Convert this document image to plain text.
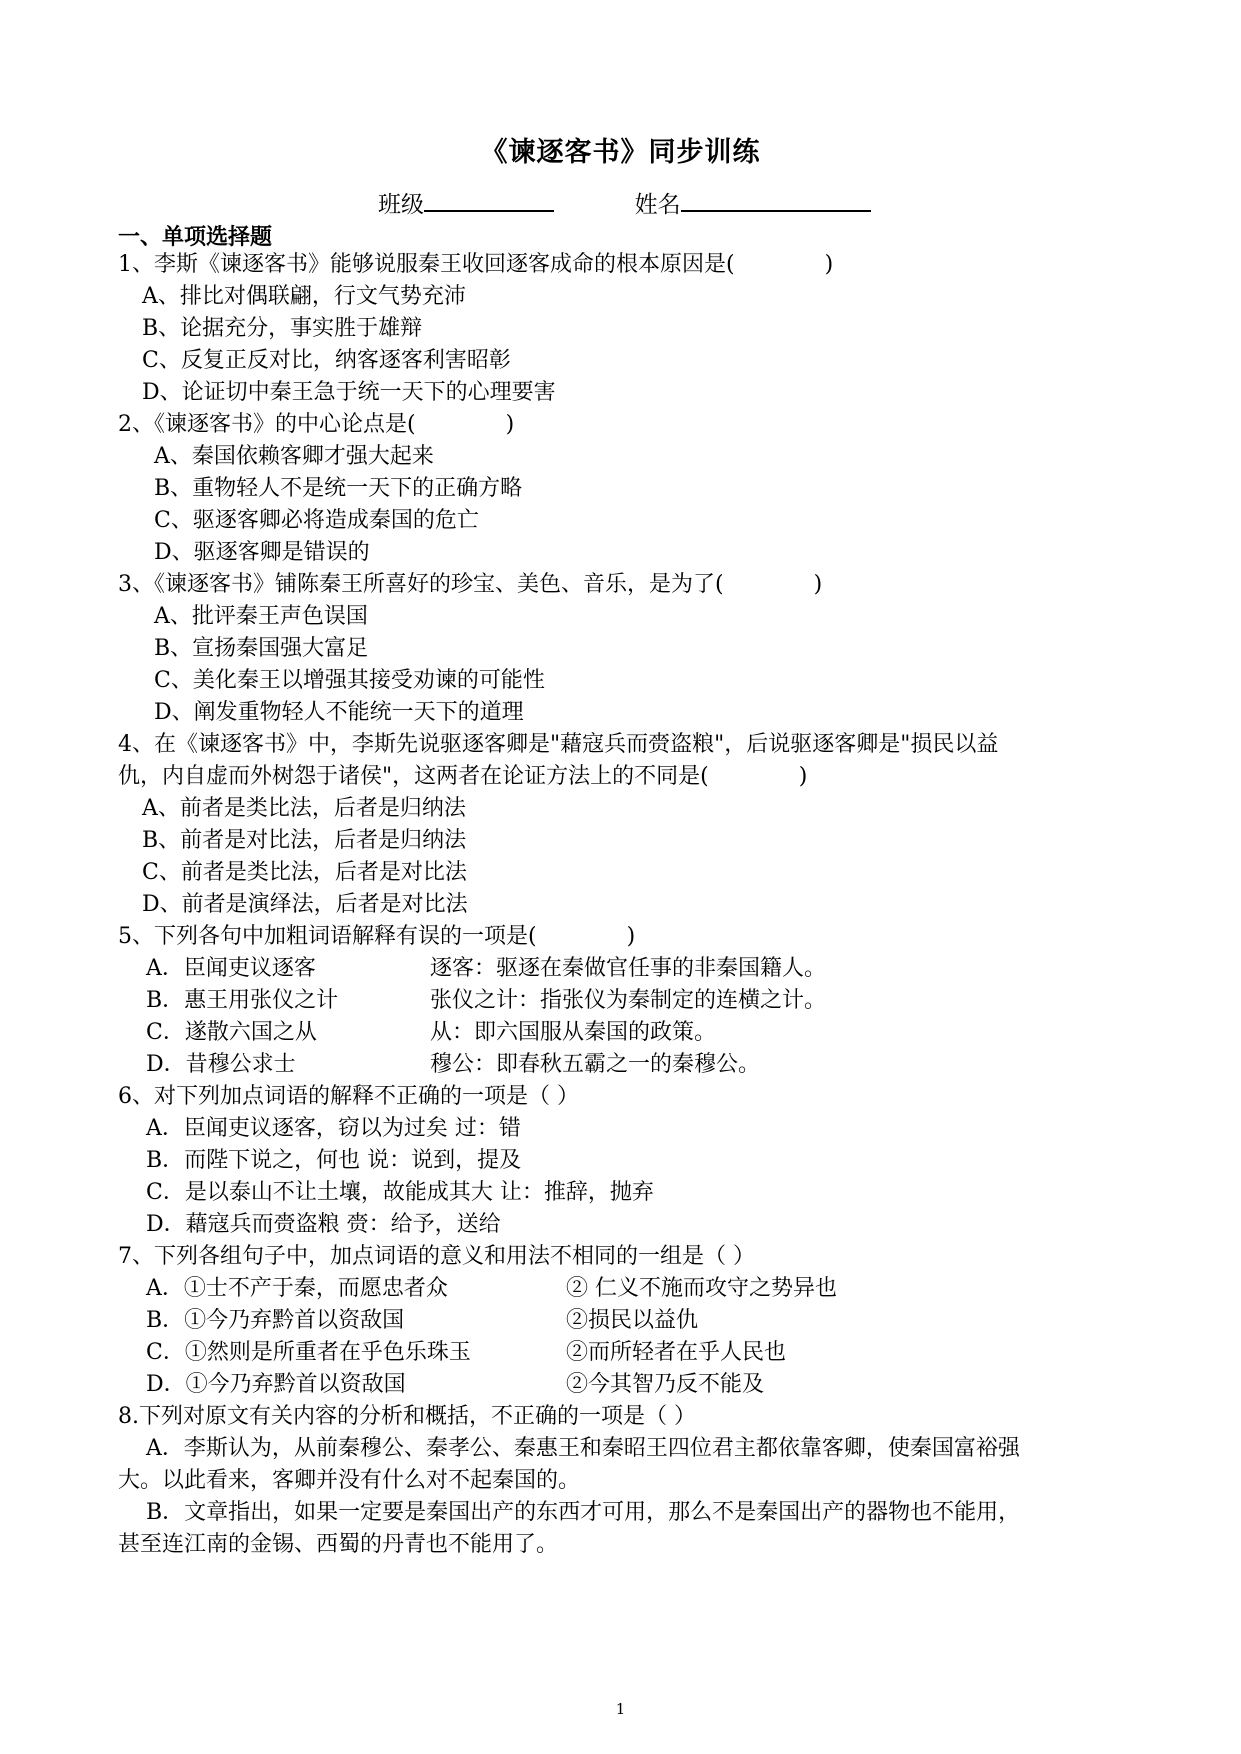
《谏逐客书》同步训练
班级	姓名
一、单项选择题
1、李斯《谏逐客书》能够说服秦王收回逐客成命的根本原因是(	)
A、排比对偶联翩，行文气势充沛
B、论据充分，事实胜于雄辩
C、反复正反对比，纳客逐客利害昭彰
D、论证切中秦王急于统一天下的心理要害
2、《谏逐客书》的中心论点是(	)
A、秦国依赖客卿才强大起来
B、重物轻人不是统一天下的正确方略
C、驱逐客卿必将造成秦国的危亡
D、驱逐客卿是错误的
3、《谏逐客书》铺陈秦王所喜好的珍宝、美色、音乐，是为了(	)
A、批评秦王声色误国
B、宣扬秦国强大富足
C、美化秦王以增强其接受劝谏的可能性
D、阐发重物轻人不能统一天下的道理
4、在《谏逐客书》中，李斯先说驱逐客卿是"藉寇兵而赍盗粮"，后说驱逐客卿是"损民以益
仇，内自虚而外树怨于诸侯"，这两者在论证方法上的不同是(	)
A、前者是类比法，后者是归纳法
B、前者是对比法，后者是归纳法
C、前者是类比法，后者是对比法
D、前者是演绎法，后者是对比法
5、下列各句中加粗词语解释有误的一项是(	)
A．臣闻吏议逐客	逐客：驱逐在秦做官任事的非秦国籍人。
B．惠王用张仪之计	张仪之计：指张仪为秦制定的连横之计。
C．遂散六国之从	从：即六国服从秦国的政策。
D．昔穆公求士	穆公：即春秋五霸之一的秦穆公。
6、对下列加点词语的解释不正确的一项是（ ）
A．臣闻吏议逐客，窃以为过矣 过：错
B．而陛下说之，何也 说：说到，提及
C．是以泰山不让土壤，故能成其大 让：推辞，抛弃
D．藉寇兵而赍盗粮 赍：给予，送给
7、下列各组句子中，加点词语的意义和用法不相同的一组是（ ）
A．①士不产于秦，而愿忠者众	② 仁义不施而攻守之势异也
B．①今乃弃黔首以资敌国	②损民以益仇
C．①然则是所重者在乎色乐珠玉	②而所轻者在乎人民也
D．①今乃弃黔首以资敌国	②今其智乃反不能及
8.下列对原文有关内容的分析和概括，不正确的一项是（ ）
A．李斯认为，从前秦穆公、秦孝公、秦惠王和秦昭王四位君主都依靠客卿，使秦国富裕强
大。以此看来，客卿并没有什么对不起秦国的。
B．文章指出，如果一定要是秦国出产的东西才可用，那么不是秦国出产的器物也不能用，
甚至连江南的金锡、西蜀的丹青也不能用了。
1
